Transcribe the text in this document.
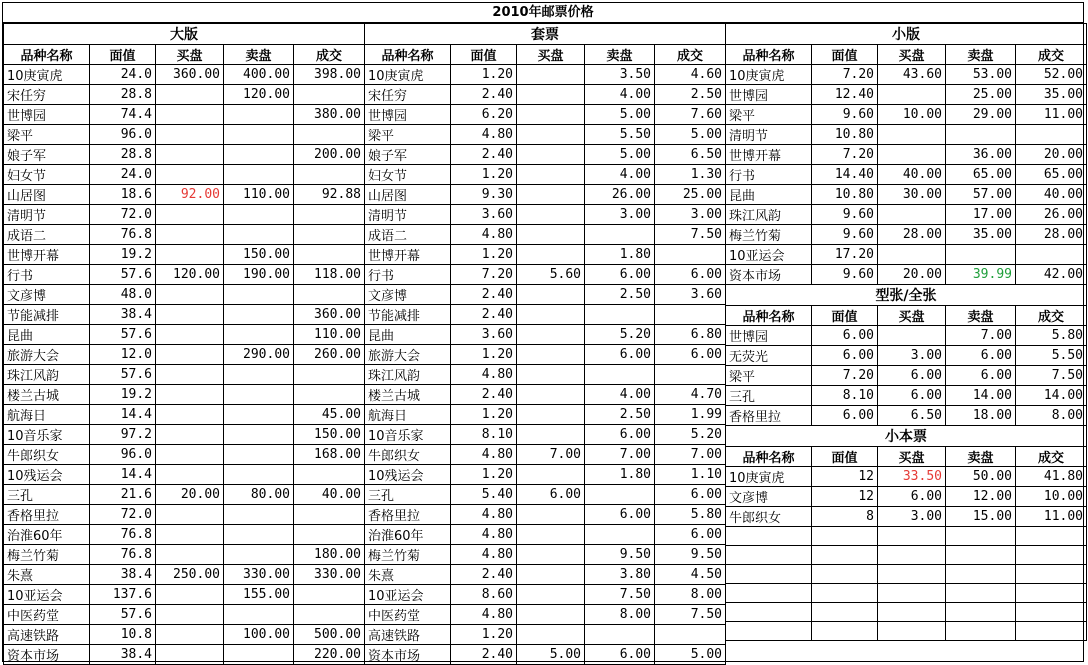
2010年邮票价格
大版				
品种名称	面值	买盘	卖盘	成交
10庚寅虎	24.0	360.00	400.00	398.00
宋任穷	28.8		120.00	
世博园	74.4			380.00
梁平	96.0			
娘子军	28.8			200.00
妇女节	24.0			
山居图	18.6	92.00	110.00	92.88
清明节	72.0			
成语二	76.8			
世博开幕	19.2		150.00	
行书	57.6	120.00	190.00	118.00
文彦博	48.0			
节能减排	38.4			360.00
昆曲	57.6			110.00
旅游大会	12.0		290.00	260.00
珠江风韵	57.6			
楼兰古城	19.2			
航海日	14.4			45.00
10音乐家	97.2			150.00
牛郎织女	96.0			168.00
10残运会	14.4			
三孔	21.6	20.00	80.00	40.00
香格里拉	72.0			
治淮60年	76.8			
梅兰竹菊	76.8			180.00
朱熹	38.4	250.00	330.00	330.00
10亚运会	137.6		155.00	
中医药堂	57.6			
高速铁路	10.8		100.00	500.00
资本市场	38.4			220.00
套票				
品种名称	面值	买盘	卖盘	成交
10庚寅虎	1.20		3.50	4.60
宋任穷	2.40		4.00	2.50
世博园	6.20		5.00	7.60
梁平	4.80		5.50	5.00
娘子军	2.40		5.00	6.50
妇女节	1.20		4.00	1.30
山居图	9.30		26.00	25.00
清明节	3.60		3.00	3.00
成语二	4.80			7.50
世博开幕	1.20		1.80	
行书	7.20	5.60	6.00	6.00
文彦博	2.40		2.50	3.60
节能减排	2.40			
昆曲	3.60		5.20	6.80
旅游大会	1.20		6.00	6.00
珠江风韵	4.80			
楼兰古城	2.40		4.00	4.70
航海日	1.20		2.50	1.99
10音乐家	8.10		6.00	5.20
牛郎织女	4.80	7.00	7.00	7.00
10残运会	1.20		1.80	1.10
三孔	5.40	6.00		6.00
香格里拉	4.80		6.00	5.80
治淮60年	4.80			6.00
梅兰竹菊	4.80		9.50	9.50
朱熹	2.40		3.80	4.50
10亚运会	8.60		7.50	8.00
中医药堂	4.80		8.00	7.50
高速铁路	1.20			
资本市场	2.40	5.00	6.00	5.00
小版				
品种名称	面值	买盘	卖盘	成交
10庚寅虎	7.20	43.60	53.00	52.00
世博园	12.40		25.00	35.00
梁平	9.60	10.00	29.00	11.00
清明节	10.80			
世博开幕	7.20		36.00	20.00
行书	14.40	40.00	65.00	65.00
昆曲	10.80	30.00	57.00	40.00
珠江风韵	9.60		17.00	26.00
梅兰竹菊	9.60	28.00	35.00	28.00
10亚运会	17.20			
资本市场	9.60	20.00	39.99	42.00
型张/全张				
品种名称	面值	买盘	卖盘	成交
世博园	6.00		7.00	5.80
无荧光	6.00	3.00	6.00	5.50
梁平	7.20	6.00	6.00	7.50
三孔	8.10	6.00	14.00	14.00
香格里拉	6.00	6.50	18.00	8.00
小本票				
品种名称	面值	买盘	卖盘	成交
10庚寅虎	12	33.50	50.00	41.80
文彦博	12	6.00	12.00	10.00
牛郎织女	8	3.00	15.00	11.00
